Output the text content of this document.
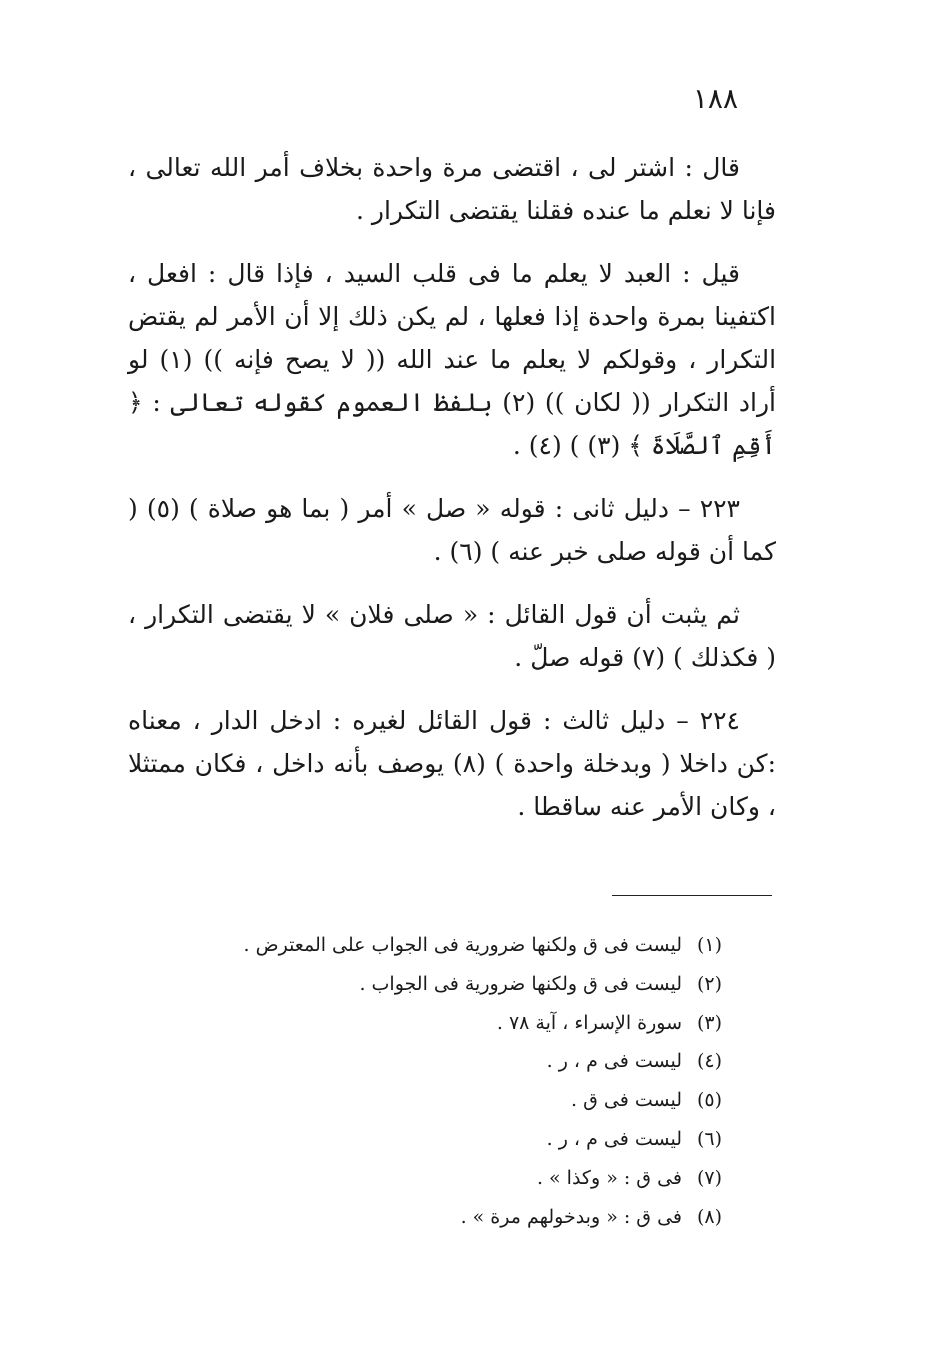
١٨٨

قال : اشتر لى ، اقتضى مرة واحدة بخلاف أمر الله تعالى ، فإنا لا نعلم ما عنده فقلنا يقتضى التكرار .

قيل : العبد لا يعلم ما فى قلب السيد ، فإذا قال : افعل ، اكتفينا بمرة واحدة إذا فعلها ، لم يكن ذلك إلا أن الأمر لم يقتض التكرار ، وقولكم لا يعلم ما عند الله (( لا يصح فإنه )) (١) لو أراد التكرار (( لكان )) (٢) بلفظ العموم كقوله تعالى : ﴿ أَقِمِ ٱلصَّلَاةَ ﴾ (٣) ) (٤) .

٢٢٣ – دليل ثانى : قوله « صل » أمر ( بما هو صلاة ) (٥) ( كما أن قوله صلى خبر عنه ) (٦) .

ثم يثبت أن قول القائل : « صلى فلان » لا يقتضى التكرار ، ( فكذلك ) (٧) قوله صلّ .

٢٢٤ – دليل ثالث : قول القائل لغيره : ادخل الدار ، معناه :كن داخلا ( وبدخلة واحدة ) (٨) يوصف بأنه داخل ، فكان ممتثلا ، وكان الأمر عنه ساقطا .

(١)
ليست فى ق ولكنها ضرورية فى الجواب على المعترض .
(٢)
ليست فى ق ولكنها ضرورية فى الجواب .
(٣)
سورة الإسراء ، آية ٧٨ .
(٤)
ليست فى م ، ر .
(٥)
ليست فى ق .
(٦)
ليست فى م ، ر .
(٧)
فى ق : « وكذا » .
(٨)
فى ق : « وبدخولهم مرة » .
